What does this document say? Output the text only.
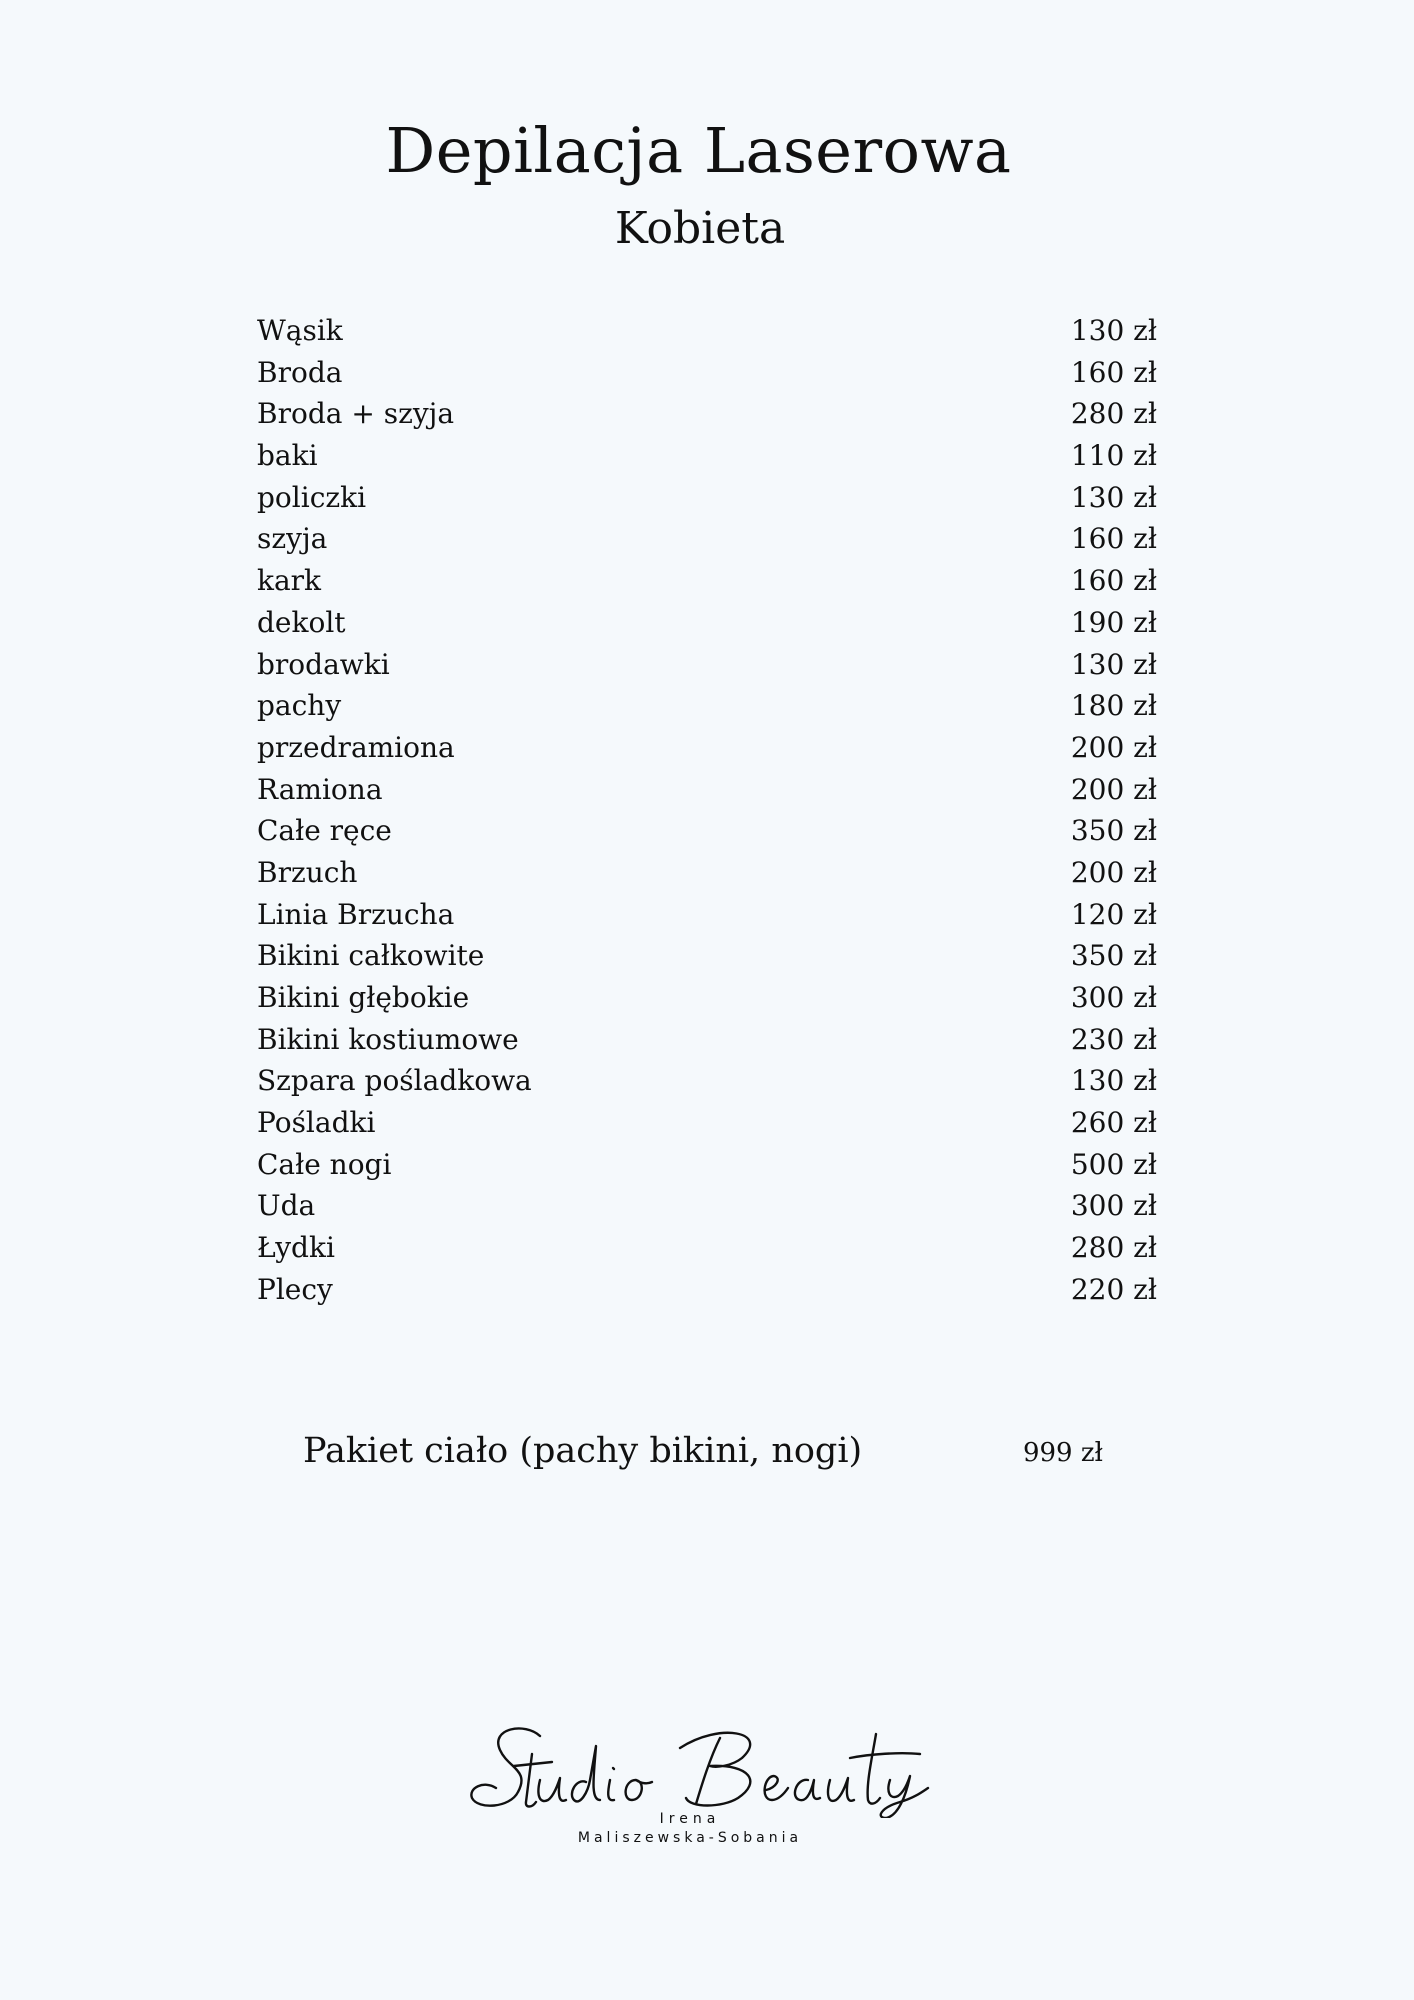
Depilacja Laserowa
Kobieta
Wąsik	130 zł
Broda	160 zł
Broda + szyja	280 zł
baki	110 zł
policzki	130 zł
szyja	160 zł
kark	160 zł
dekolt	190 zł
brodawki	130 zł
pachy	180 zł
przedramiona	200 zł
Ramiona	200 zł
Całe ręce	350 zł
Brzuch	200 zł
Linia Brzucha	120 zł
Bikini całkowite	350 zł
Bikini głębokie	300 zł
Bikini kostiumowe	230 zł
Szpara pośladkowa	130 zł
Pośladki	260 zł
Całe nogi	500 zł
Uda	300 zł
Łydki	280 zł
Plecy	220 zł
Pakiet ciało (pachy bikini, nogi)	999 zł
Irena
Maliszewska-Sobania
